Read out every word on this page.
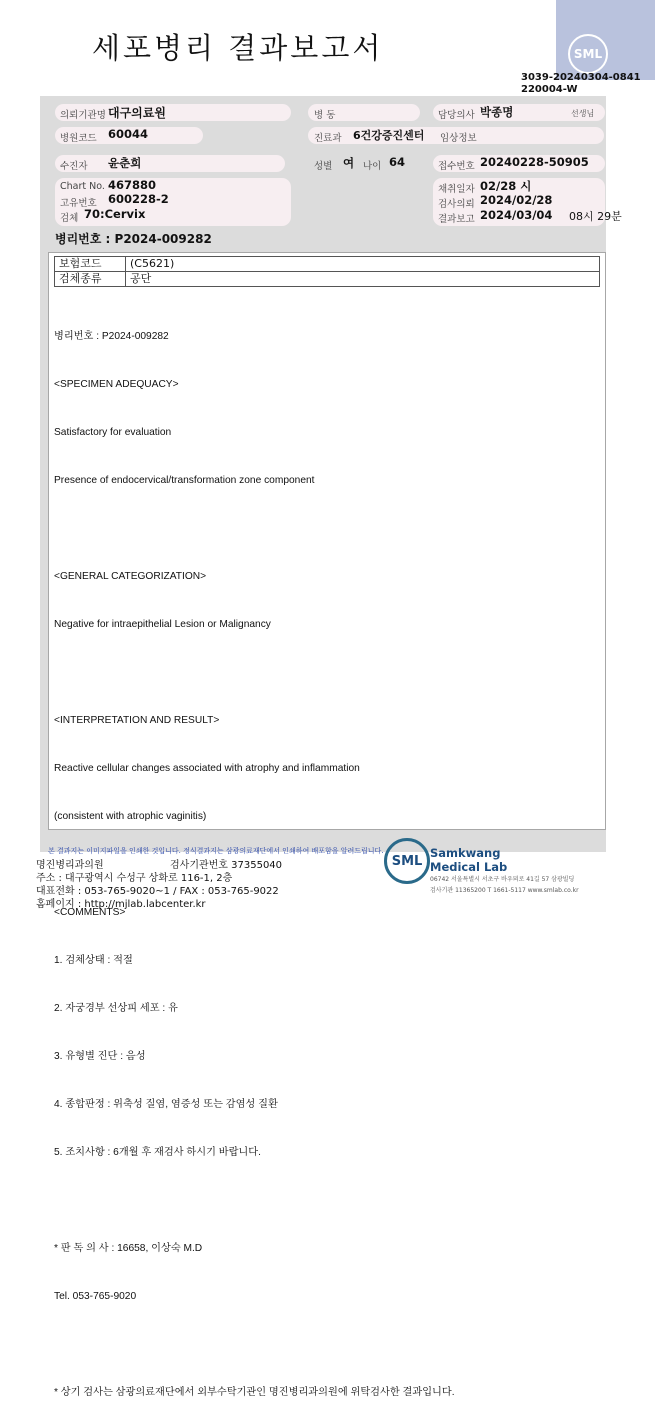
세포병리 결과보고서	SML
3039-20240304-0841
220004-W
의뢰기관명 대구의료원	병 동	담당의사 박종명	선생님
병원코드 60044	진료과 6건강증진센터 임상정보
수진자 윤춘희	성별 여 나이 64	접수번호 20240228-50905
Chart No. 467880
고유번호 600228-2
검체 70:Cervix
채취일자 02/28 시
검사의뢰 2024/02/28
결과보고 2024/03/04 08시 29분
병리번호 : P2024-009282
보험코드	(C5621)
검체종류	공단

병리번호 : P2024-009282

<SPECIMEN ADEQUACY>

Satisfactory for evaluation

Presence of endocervical/transformation zone component

<GENERAL CATEGORIZATION>

Negative for intraepithelial Lesion or Malignancy

<INTERPRETATION AND RESULT>

Reactive cellular changes associated with atrophy and inflammation

(consistent with atrophic vaginitis)

<COMMENTS>

1. 검체상태 : 적절

2. 자궁경부 선상피 세포 : 유

3. 유형별 진단 : 음성

4. 종합판정 : 위축성 질염, 염증성 또는 감염성 질환

5. 조치사항 : 6개월 후 재검사 하시기 바랍니다.

* 판 독 의 사 : 16658, 이상숙 M.D

Tel. 053-765-9020

* 상기 검사는 삼광의료재단에서 외부수탁기관인 명진병리과의원에 위탁검사한 결과입니다.

본 결과지는 이미지파일을 인쇄한 것입니다. 정식결과지는 삼광의료재단에서 인쇄하여 배포함을 알려드립니다.
명진병리과의원	검사기관번호 37355040
주소 : 대구광역시 수성구 상화로 116-1, 2층
대표전화 : 053-765-9020~1 / FAX : 053-765-9022
홈페이지 : http://mjlab.labcenter.kr
SML
Samkwang
Medical Lab
06742 서울특별시 서초구 바우뫼로 41길 57 삼광빌딩
검사기관 11365200 T 1661-5117 www.smlab.co.kr
